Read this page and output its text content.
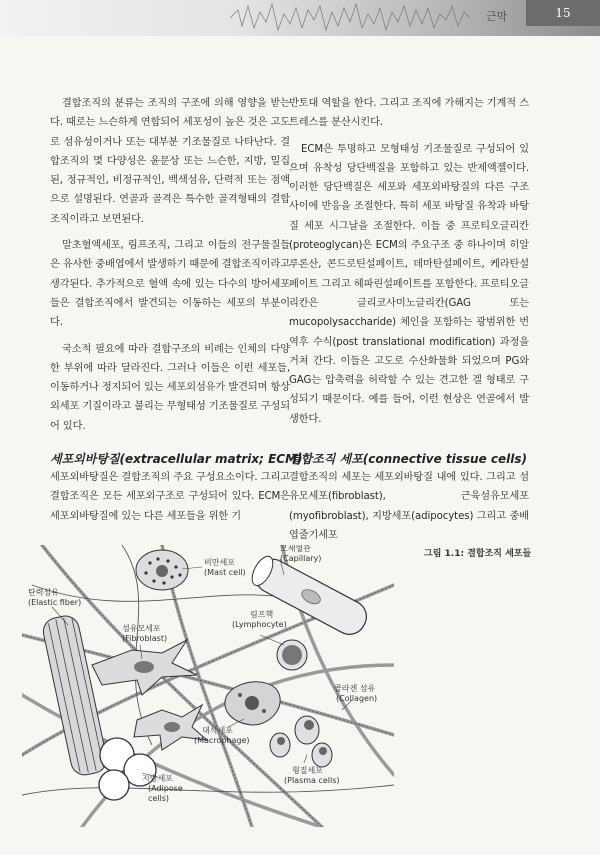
근막	15

결합조직의 분류는 조직의 구조에 의해 영향을 받는다. 때로는 느슨하게 연합되어 세포성이 높은 것은 고도로 섬유성이거나 또는 대부분 기조물질로 나타난다. 결합조직의 몇 다양성은 윤문상 또는 느슨한, 지방, 밀집된, 정규적인, 비정규적인, 백색섬유, 단력적 또는 점액으로 설명된다. 연골과 골격은 특수한 골격형태의 결합조직이라고 보면된다.

말초혈액세포, 림프조직, 그리고 이들의 전구물질들은 유사한 중배엽에서 발생하기 때문에 결합조직이라고 생각된다. 추가적으로 혈액 속에 있는 다수의 방어세포들은 결합조직에서 발견되는 이동하는 세포의 부분이다.

국소적 필요에 따라 결합구조의 비례는 인체의 다양한 부위에 따라 달라진다. 그러나 이들은 이런 세포들, 이동하거나 정지되어 있는 세포외섬유가 발견되며 항상 외세포 기질이라고 불리는 무형태성 기조물질로 구성되어 있다.

반토대 역할을 한다. 그리고 조직에 가해지는 기계적 스트레스를 분산시킨다.

ECM은 투명하고 모형태성 기조물질로 구성되어 있으며 유착성 당단백질을 포함하고 있는 반제액젤이다. 이러한 당단백질은 세포와 세포외바탕질의 다른 구조 사이에 반응을 조절한다. 특히 세포 바탕질 유착과 바탕질 세포 시그날을 조절한다. 이들 중 프로티오글리칸(proteoglycan)은 ECM의 주요구조 중 하나이며 히알루론산, 콘드로틴설페이트, 데마탄설페이트, 케라탄설페이트 그리고 헤파린설페이트를 포함한다. 프로티오글리칸은 글리코사미노글리칸(GAG 또는 mucopolysaccharide) 체인을 포함하는 광범위한 번역후 수식(post translational modification) 과정을 거쳐 간다. 이들은 고도로 수산화물화 되었으며 PG와 GAG는 압축력을 허락할 수 있는 견고한 겔 형태로 구성되기 때문이다. 예를 들어, 이런 현상은 연골에서 발생한다.

세포외바탕질(extracellular matrix; ECM)

세포외바탕질은 결합조직의 주요 구성요소이다. 그리고 결합조직은 모든 세포외구조로 구성되어 있다. ECM은 세포외바탕질에 있는 다른 세포들을 위한 기

결합조직 세포(connective tissue cells)

결합조직의 세포는 세포외바탕질 내에 있다. 그리고 섬유모세포(fibroblast), 근육섬유모세포(myofibroblast), 지방세포(adipocytes) 그리고 중배엽줄기세포

그림 1.1: 결합조직 세포들
탄력섬유
(Elastic fiber)
비만세포
(Mast cell)
모세혈관
(Capillary)
림프핵
(Lymphocyte)
섬유모세포
(Fibroblast)
콜라겐 섬유
(Collagen)
대식세포
(Macrophage)
지방세포
(Adipose
cells)
형질세포
(Plasma cells)
